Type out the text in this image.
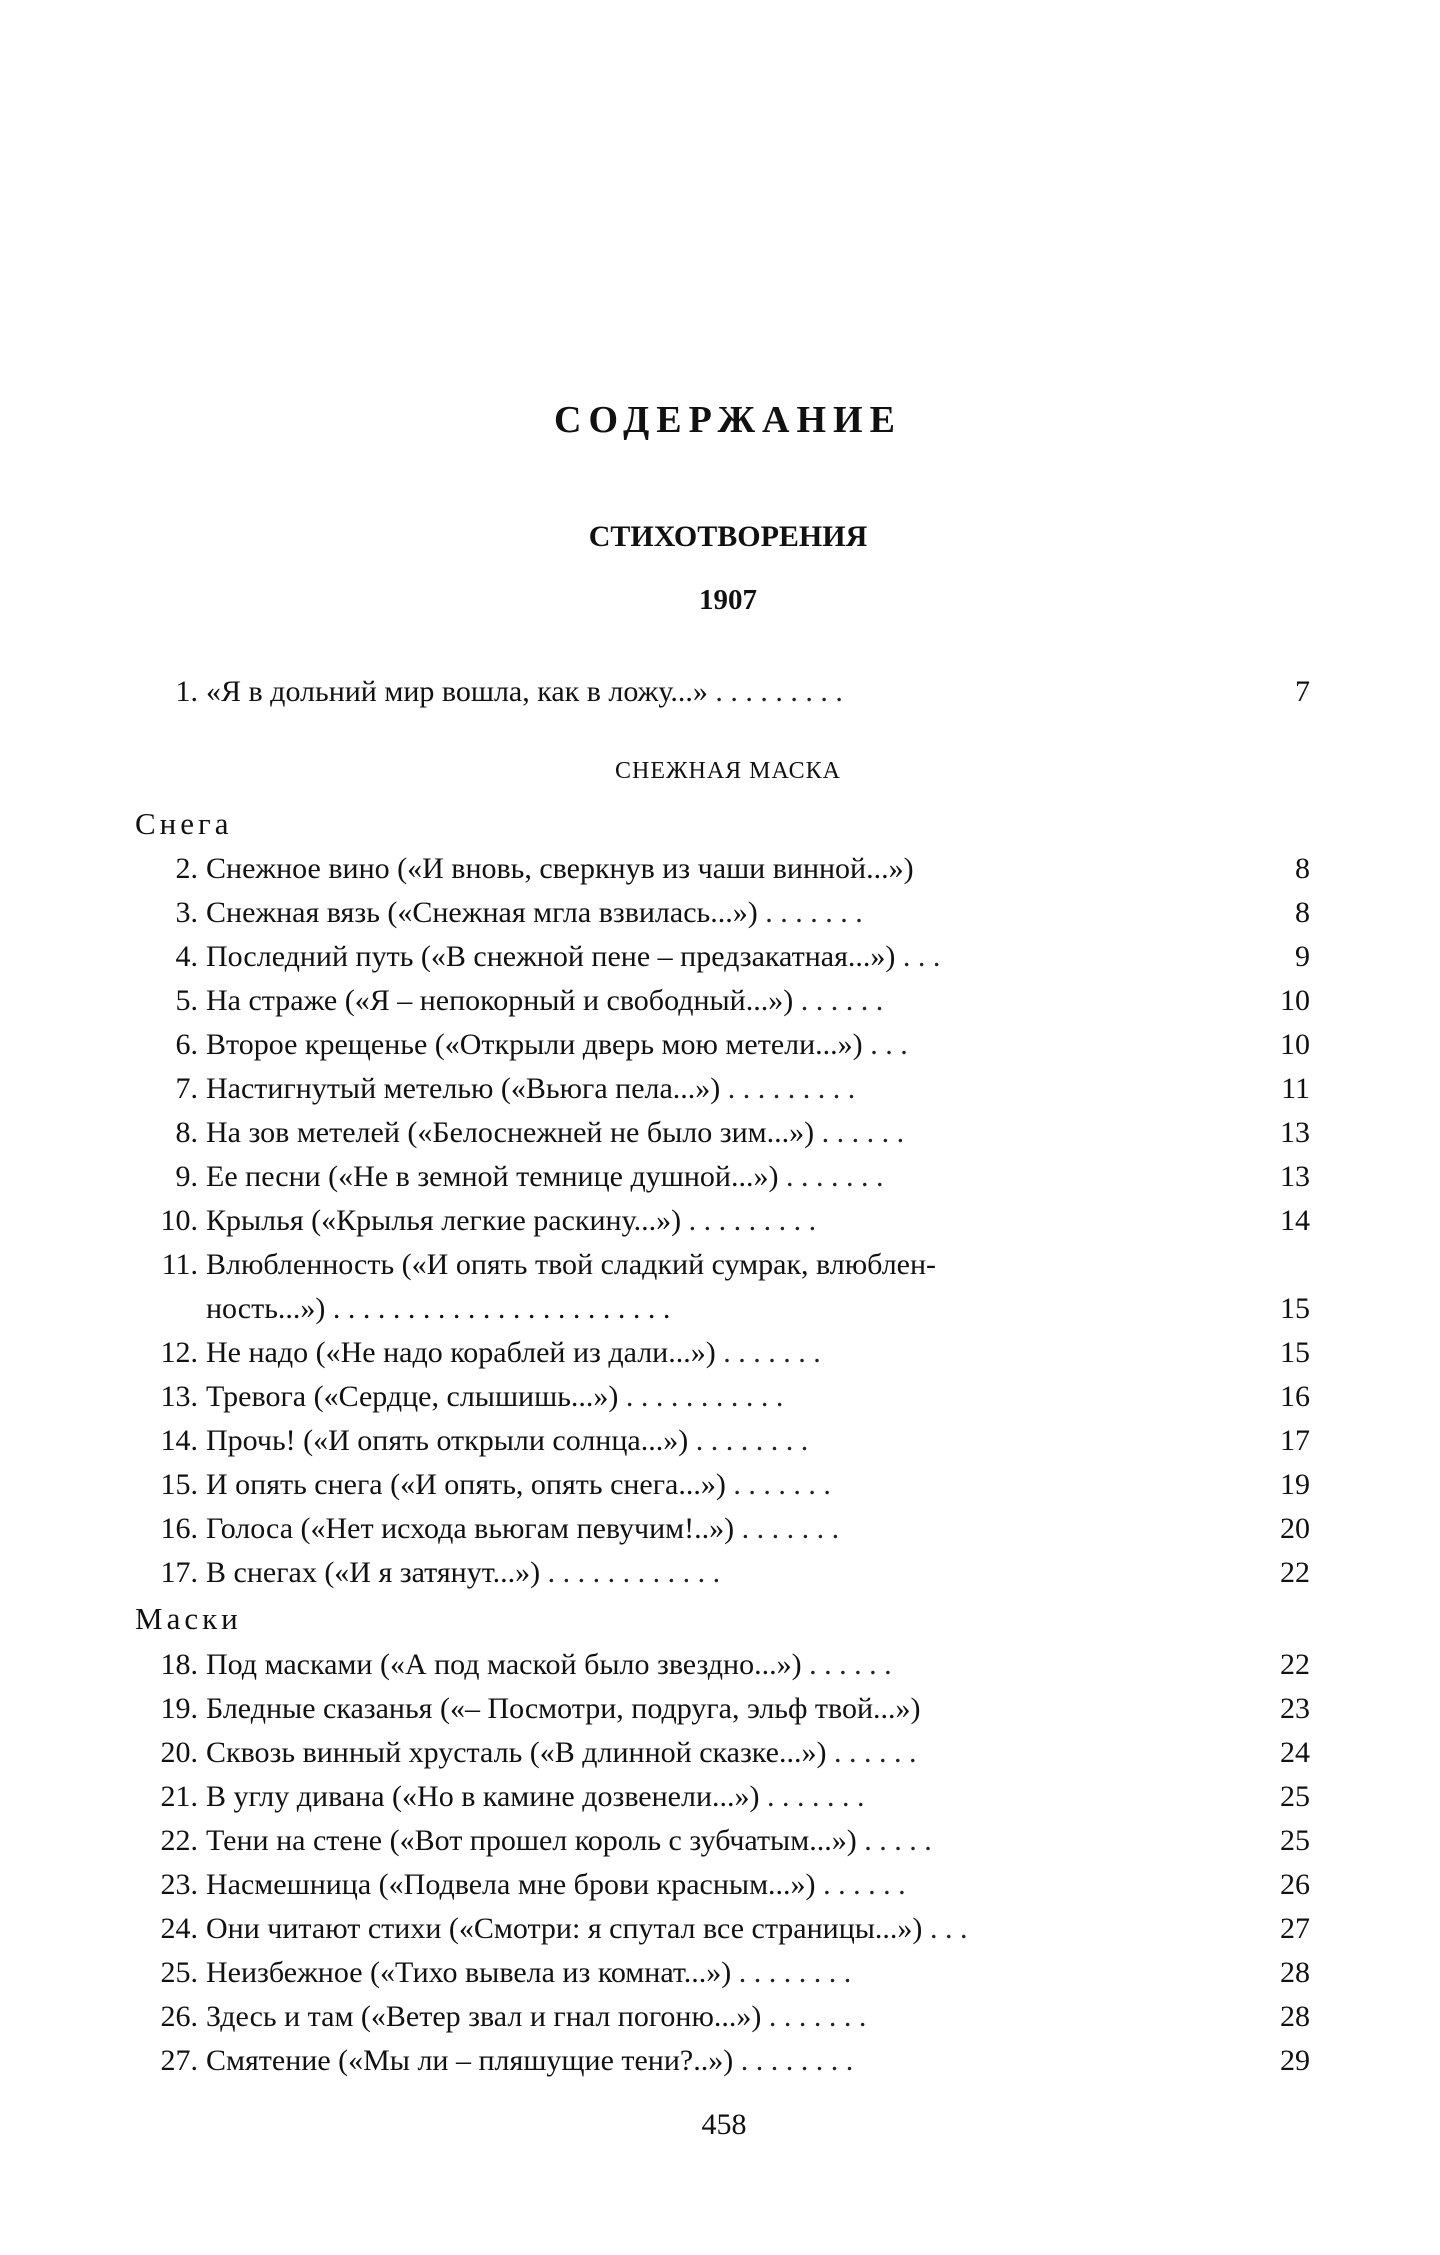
СОДЕРЖАНИЕ
СТИХОТВОРЕНИЯ
1907
1. «Я в дольний мир вошла, как в ложу...» . . . . . . . . .	7
СНЕЖНАЯ МАСКА
Снега
2. Снежное вино («И вновь, сверкнув из чаши винной...»)	8
3. Снежная вязь («Снежная мгла взвилась...») . . . . . . .	8
4. Последний путь («В снежной пене – предзакатная...») . . .	9
5. На страже («Я – непокорный и свободный...») . . . . . .	10
6. Второе крещенье («Открыли дверь мою метели...») . . .	10
7. Настигнутый метелью («Вьюга пела...») . . . . . . . . .	11
8. На зов метелей («Белоснежней не было зим...») . . . . . .	13
9. Ее песни («Не в земной темнице душной...») . . . . . . .	13
10. Крылья («Крылья легкие раскину...») . . . . . . . . .	14
11. Влюбленность («И опять твой сладкий сумрак, влюблен-
ность...») . . . . . . . . . . . . . . . . . . . . . . .	15
12. Не надо («Не надо кораблей из дали...») . . . . . . .	15
13. Тревога («Сердце, слышишь...») . . . . . . . . . . .	16
14. Прочь! («И опять открыли солнца...») . . . . . . . .	17
15. И опять снега («И опять, опять снега...») . . . . . . .	19
16. Голоса («Нет исхода вьюгам певучим!..») . . . . . . .	20
17. В снегах («И я затянут...») . . . . . . . . . . . .	22
Маски
18. Под масками («А под маской было звездно...») . . . . . .	22
19. Бледные сказанья («– Посмотри, подруга, эльф твой...»)	23
20. Сквозь винный хрусталь («В длинной сказке...») . . . . . .	24
21. В углу дивана («Но в камине дозвенели...») . . . . . . .	25
22. Тени на стене («Вот прошел король с зубчатым...») . . . . .	25
23. Насмешница («Подвела мне брови красным...») . . . . . .	26
24. Они читают стихи («Смотри: я спутал все страницы...») . . .	27
25. Неизбежное («Тихо вывела из комнат...») . . . . . . . .	28
26. Здесь и там («Ветер звал и гнал погоню...») . . . . . . .	28
27. Смятение («Мы ли – пляшущие тени?..») . . . . . . . .	29
458
